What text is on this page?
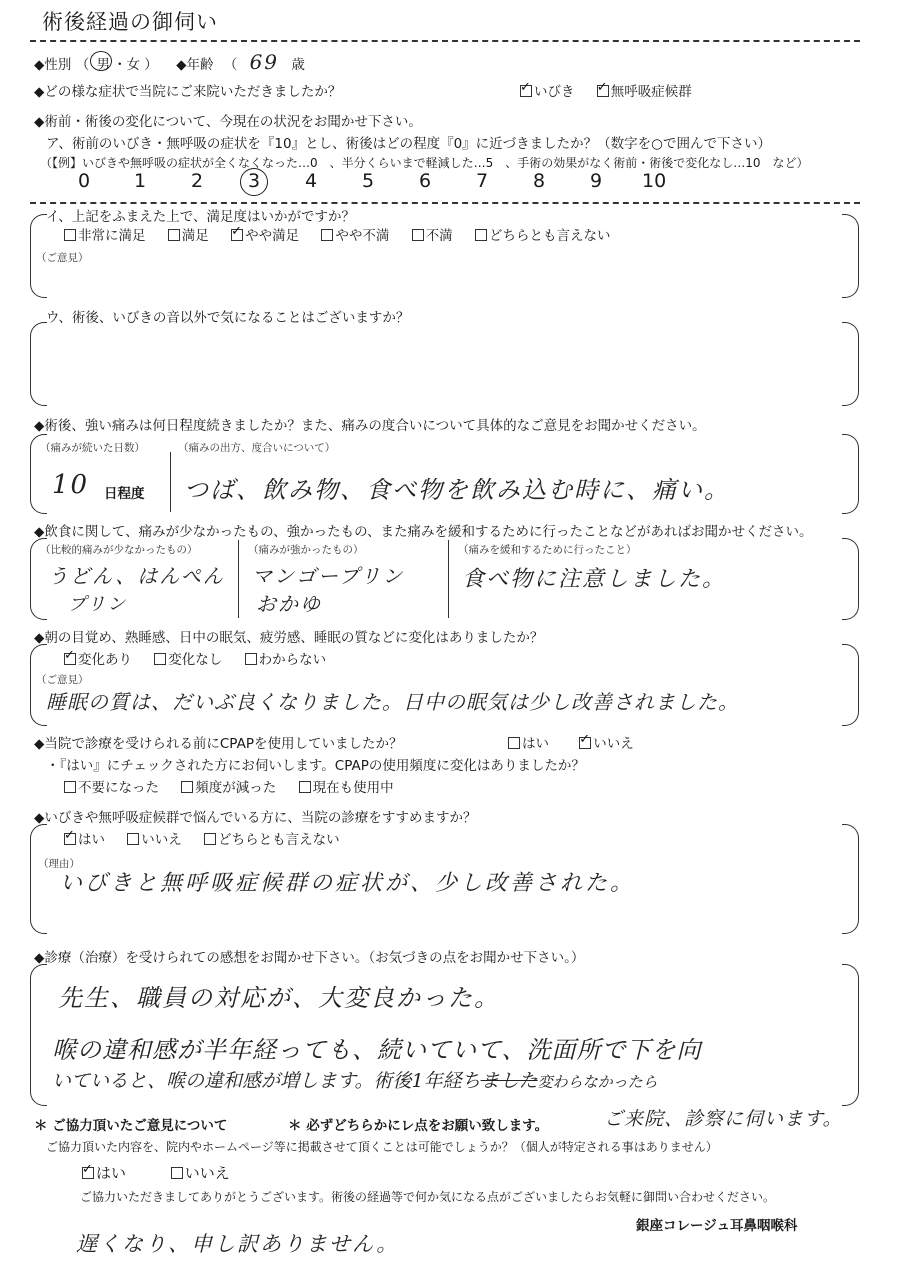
術後経過の御伺い
◆性別 （ 男 ・女 ） ◆年齢 （ 69 歳
◆どの様な症状で当院にご来院いただきましたか？ ✓	いびき ✓	無呼吸症候群
◆術前・術後の変化について、今現在の状況をお聞かせ下さい。
ア、術前のいびき・無呼吸の症状を『10』とし、術後はどの程度『0』に近づきましたか？（数字を○で囲んで下さい）
（【例】いびきや無呼吸の症状が全くなくなった…0　、半分くらいまで軽減した…5　、手術の効果がなく術前・術後で変化なし…10　など）
0 1 2 3 4 5 6 7 8 9 10
イ、上記をふまえた上で、満足度はいかがですか？
非常に満足	満足 ✓	やや満足	やや不満	不満	どちらとも言えない
（ご意見）
ウ、術後、いびきの音以外で気になることはございますか？
◆術後、強い痛みは何日程度続きましたか？また、痛みの度合いについて具体的なご意見をお聞かせください。
（痛みが続いた日数）
10 日程度
（痛みの出方、度合いについて）
つば、飲み物、食べ物を飲み込む時に、痛い。
◆飲食に関して、痛みが少なかったもの、強かったもの、また痛みを緩和するために行ったことなどがあればお聞かせください。
（比較的痛みが少なかったもの）
うどん、はんぺん
プリン
（痛みが強かったもの）
マンゴープリン
おかゆ
（痛みを緩和するために行ったこと）
食べ物に注意しました。
◆朝の目覚め、熟睡感、日中の眠気、疲労感、睡眠の質などに変化はありましたか？
✓変化あり	変化なし	わからない
（ご意見）
睡眠の質は、だいぶ良くなりました。日中の眠気は少し改善されました。
◆当院で診療を受けられる前にCPAPを使用していましたか？	はい ✓	いいえ
・『はい』にチェックされた方にお伺いします。CPAPの使用頻度に変化はありましたか？
不要になった	頻度が減った	現在も使用中
◆いびきや無呼吸症候群で悩んでいる方に、当院の診療をすすめますか？
✓はい	いいえ	どちらとも言えない
（理由）
いびきと無呼吸症候群の症状が、少し改善された。
◆診療（治療）を受けられての感想をお聞かせ下さい。（お気づきの点をお聞かせ下さい。）
先生、職員の対応が、大変良かった。
喉の違和感が半年経っても、続いていて、洗面所で下を向
いていると、喉の違和感が増します。術後1年経ちました変わらなかったら
＊ ご協力頂いたご意見について	＊ 必ずどちらかにレ点をお願い致します。	ご来院、診察に伺います。
ご協力頂いた内容を、院内やホームページ等に掲載させて頂くことは可能でしょうか？（個人が特定される事はありません）
✓はい	いいえ
ご協力いただきましてありがとうございます。術後の経過等で何か気になる点がございましたらお気軽に御問い合わせください。
遅くなり、申し訳ありません。
銀座コレージュ耳鼻咽喉科
